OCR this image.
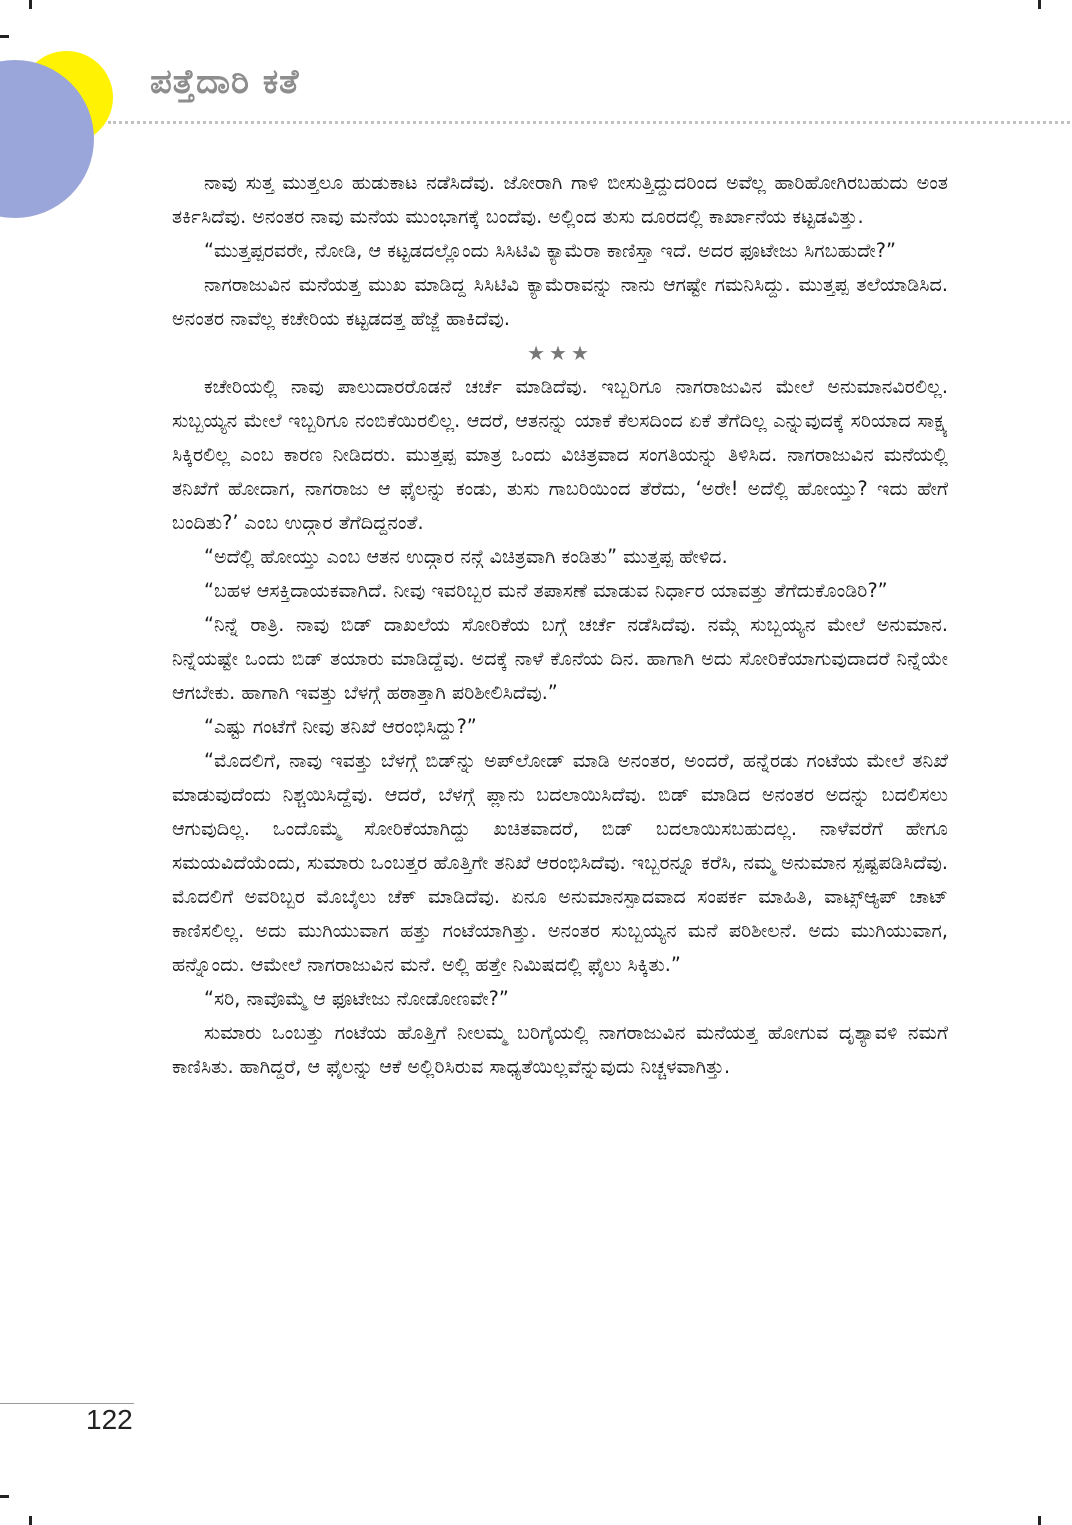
ಪತ್ತೆದಾರಿ ಕತೆ

ನಾವು ಸುತ್ತ ಮುತ್ತಲೂ ಹುಡುಕಾಟ ನಡೆಸಿದೆವು. ಜೋರಾಗಿ ಗಾಳಿ ಬೀಸುತ್ತಿದ್ದುದರಿಂದ ಅವೆಲ್ಲ ಹಾರಿಹೋಗಿರಬಹುದು ಅಂತ ತರ್ಕಿಸಿದೆವು. ಅನಂತರ ನಾವು ಮನೆಯ ಮುಂಭಾಗಕ್ಕೆ ಬಂದೆವು. ಅಲ್ಲಿಂದ ತುಸು ದೂರದಲ್ಲಿ ಕಾರ್ಖಾನೆಯ ಕಟ್ಟಡವಿತ್ತು.

“ಮುತ್ತಪ್ಪರವರೇ, ನೋಡಿ, ಆ ಕಟ್ಟಡದಲ್ಲೊಂದು ಸಿಸಿಟಿವಿ ಕ್ಯಾಮೆರಾ ಕಾಣಿಸ್ತಾ ಇದೆ. ಅದರ ಫೂಟೇಜು ಸಿಗಬಹುದೇ?”

ನಾಗರಾಜುವಿನ ಮನೆಯತ್ತ ಮುಖ ಮಾಡಿದ್ದ ಸಿಸಿಟಿವಿ ಕ್ಯಾಮೆರಾವನ್ನು ನಾನು ಆಗಷ್ಟೇ ಗಮನಿಸಿದ್ದು. ಮುತ್ತಪ್ಪ ತಲೆಯಾಡಿಸಿದ. ಅನಂತರ ನಾವೆಲ್ಲ ಕಚೇರಿಯ ಕಟ್ಟಡದತ್ತ ಹೆಜ್ಜೆ ಹಾಕಿದೆವು.

★★★

ಕಚೇರಿಯಲ್ಲಿ ನಾವು ಪಾಲುದಾರರೊಡನೆ ಚರ್ಚೆ ಮಾಡಿದೆವು. ಇಬ್ಬರಿಗೂ ನಾಗರಾಜುವಿನ ಮೇಲೆ ಅನುಮಾನವಿರಲಿಲ್ಲ. ಸುಬ್ಬಯ್ಯನ ಮೇಲೆ ಇಬ್ಬರಿಗೂ ನಂಬಿಕೆಯಿರಲಿಲ್ಲ. ಆದರೆ, ಆತನನ್ನು ಯಾಕೆ ಕೆಲಸದಿಂದ ಏಕೆ ತೆಗೆದಿಲ್ಲ ಎನ್ನುವುದಕ್ಕೆ ಸರಿಯಾದ ಸಾಕ್ಷ್ಯ ಸಿಕ್ಕಿರಲಿಲ್ಲ ಎಂಬ ಕಾರಣ ನೀಡಿದರು. ಮುತ್ತಪ್ಪ ಮಾತ್ರ ಒಂದು ವಿಚಿತ್ರವಾದ ಸಂಗತಿಯನ್ನು ತಿಳಿಸಿದ. ನಾಗರಾಜುವಿನ ಮನೆಯಲ್ಲಿ ತನಿಖೆಗೆ ಹೋದಾಗ, ನಾಗರಾಜು ಆ ಫೈಲನ್ನು ಕಂಡು, ತುಸು ಗಾಬರಿಯಿಂದ ತೆರೆದು, ‘ಅರೇ! ಅದೆಲ್ಲಿ ಹೋಯ್ತು? ಇದು ಹೇಗೆ ಬಂದಿತು?’ ಎಂಬ ಉದ್ಗಾರ ತೆಗೆದಿದ್ದನಂತೆ.

“ಅದೆಲ್ಲಿ ಹೋಯ್ತು ಎಂಬ ಆತನ ಉದ್ಗಾರ ನನ್ಗೆ ವಿಚಿತ್ರವಾಗಿ ಕಂಡಿತು” ಮುತ್ತಪ್ಪ ಹೇಳಿದ.

“ಬಹಳ ಆಸಕ್ತಿದಾಯಕವಾಗಿದೆ. ನೀವು ಇವರಿಬ್ಬರ ಮನೆ ತಪಾಸಣೆ ಮಾಡುವ ನಿರ್ಧಾರ ಯಾವತ್ತು ತೆಗೆದುಕೊಂಡಿರಿ?”

“ನಿನ್ನೆ ರಾತ್ರಿ. ನಾವು ಬಿಡ್ ದಾಖಲೆಯ ಸೋರಿಕೆಯ ಬಗ್ಗೆ ಚರ್ಚೆ ನಡೆಸಿದೆವು. ನಮ್ಗೆ ಸುಬ್ಬಯ್ಯನ ಮೇಲೆ ಅನುಮಾನ. ನಿನ್ನೆಯಷ್ಟೇ ಒಂದು ಬಿಡ್ ತಯಾರು ಮಾಡಿದ್ದೆವು. ಅದಕ್ಕೆ ನಾಳೆ ಕೊನೆಯ ದಿನ. ಹಾಗಾಗಿ ಅದು ಸೋರಿಕೆಯಾಗುವುದಾದರೆ ನಿನ್ನೆಯೇ ಆಗಬೇಕು. ಹಾಗಾಗಿ ಇವತ್ತು ಬೆಳಗ್ಗೆ ಹಠಾತ್ತಾಗಿ ಪರಿಶೀಲಿಸಿದೆವು.”

“ಎಷ್ಟು ಗಂಟೆಗೆ ನೀವು ತನಿಖೆ ಆರಂಭಿಸಿದ್ದು?”

“ಮೊದಲಿಗೆ, ನಾವು ಇವತ್ತು ಬೆಳಗ್ಗೆ ಬಿಡ್‌ನ್ನು ಅಪ್‌ಲೋಡ್ ಮಾಡಿ ಅನಂತರ, ಅಂದರೆ, ಹನ್ನೆರಡು ಗಂಟೆಯ ಮೇಲೆ ತನಿಖೆ ಮಾಡುವುದೆಂದು ನಿಶ್ಚಯಿಸಿದ್ದೆವು. ಆದರೆ, ಬೆಳಗ್ಗೆ ಪ್ಲಾನು ಬದಲಾಯಿಸಿದೆವು. ಬಿಡ್ ಮಾಡಿದ ಅನಂತರ ಅದನ್ನು ಬದಲಿಸಲು ಆಗುವುದಿಲ್ಲ. ಒಂದೊಮ್ಮೆ ಸೋರಿಕೆಯಾಗಿದ್ದು ಖಚಿತವಾದರೆ, ಬಿಡ್ ಬದಲಾಯಿಸಬಹುದಲ್ಲ. ನಾಳೆವರೆಗೆ ಹೇಗೂ ಸಮಯವಿದೆಯೆಂದು, ಸುಮಾರು ಒಂಬತ್ತರ ಹೊತ್ತಿಗೇ ತನಿಖೆ ಆರಂಭಿಸಿದೆವು. ಇಬ್ಬರನ್ನೂ ಕರೆಸಿ, ನಮ್ಮ ಅನುಮಾನ ಸ್ಪಷ್ಟಪಡಿಸಿದೆವು. ಮೊದಲಿಗೆ ಅವರಿಬ್ಬರ ಮೊಬೈಲು ಚೆಕ್ ಮಾಡಿದೆವು. ಏನೂ ಅನುಮಾನಸ್ಪಾದವಾದ ಸಂಪರ್ಕ ಮಾಹಿತಿ, ವಾಟ್ಸ್‌ಆ್ಯಪ್ ಚಾಟ್ ಕಾಣಿಸಲಿಲ್ಲ. ಅದು ಮುಗಿಯುವಾಗ ಹತ್ತು ಗಂಟೆಯಾಗಿತ್ತು. ಅನಂತರ ಸುಬ್ಬಯ್ಯನ ಮನೆ ಪರಿಶೀಲನೆ. ಅದು ಮುಗಿಯುವಾಗ, ಹನ್ನೊಂದು. ಆಮೇಲೆ ನಾಗರಾಜುವಿನ ಮನೆ. ಅಲ್ಲಿ ಹತ್ತೇ ನಿಮಿಷದಲ್ಲಿ ಫೈಲು ಸಿಕ್ಕಿತು.”

“ಸರಿ, ನಾವೊಮ್ಮೆ ಆ ಫೂಟೇಜು ನೋಡೋಣವೇ?”

ಸುಮಾರು ಒಂಬತ್ತು ಗಂಟೆಯ ಹೊತ್ತಿಗೆ ನೀಲಮ್ಮ ಬರಿಗೈಯಲ್ಲಿ ನಾಗರಾಜುವಿನ ಮನೆಯತ್ತ ಹೋಗುವ ದೃಶ್ಯಾವಳಿ ನಮಗೆ ಕಾಣಿಸಿತು. ಹಾಗಿದ್ದರೆ, ಆ ಫೈಲನ್ನು ಆಕೆ ಅಲ್ಲಿರಿಸಿರುವ ಸಾಧ್ಯತೆಯಿಲ್ಲವೆನ್ನುವುದು ನಿಚ್ಚಳವಾಗಿತ್ತು.

122
